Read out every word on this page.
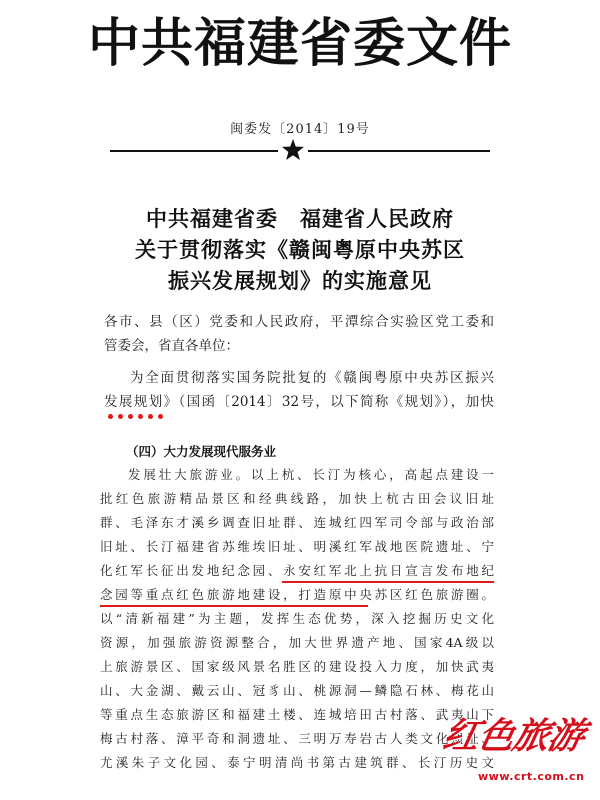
中共福建省委文件
闽委发〔2014〕19号
中共福建省委　福建省人民政府
关于贯彻落实《赣闽粤原中央苏区
振兴发展规划》的实施意见
各市、县（区）党委和人民政府，平潭综合实验区党工委和
管委会，省直各单位：
为全面贯彻落实国务院批复的《赣闽粤原中央苏区振兴
发展规划》（国函〔2014〕32号，以下简称《规划》），加快
（四）大力发展现代服务业
发展壮大旅游业。以上杭、长汀为核心，高起点建设一
批红色旅游精品景区和经典线路，加快上杭古田会议旧址
群、毛泽东才溪乡调查旧址群、连城红四军司令部与政治部
旧址、长汀福建省苏维埃旧址、明溪红军战地医院遗址、宁
化红军长征出发地纪念园、永安红军北上抗日宣言发布地纪
念园等重点红色旅游地建设，打造原中央苏区红色旅游圈。
以“清新福建”为主题，发挥生态优势，深入挖掘历史文化
资源，加强旅游资源整合，加大世界遗产地、国家4A级以
上旅游景区、国家级风景名胜区的建设投入力度，加快武夷
山、大金湖、戴云山、冠豸山、桃源洞—鳞隐石林、梅花山
等重点生态旅游区和福建土楼、连城培田古村落、武夷山下
梅古村落、漳平奇和洞遗址、三明万寿岩古人类文化遗址、
尤溪朱子文化园、泰宁明清尚书第古建筑群、长汀历史文
红色旅游
www.crt.com.cn
